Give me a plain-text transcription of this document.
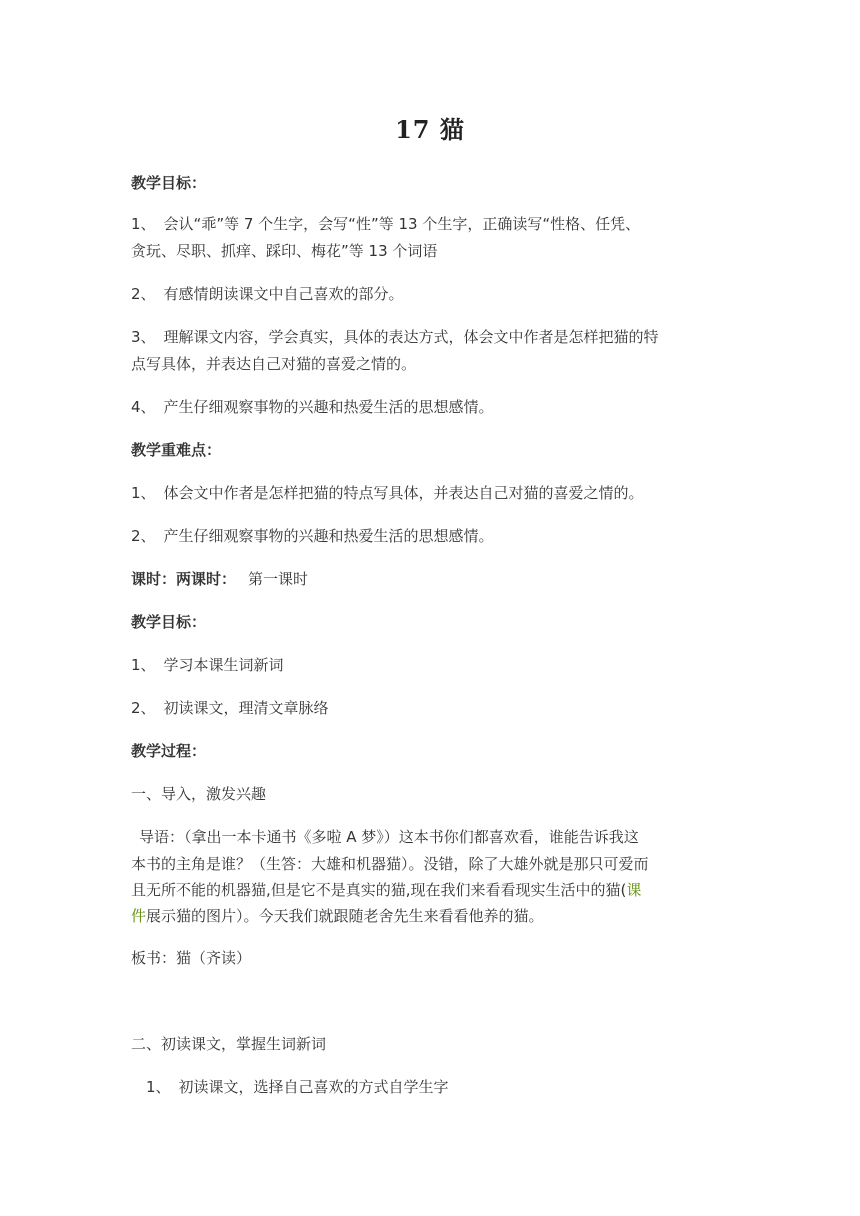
17 猫
教学目标：
1、 会认“乖”等 7 个生字，会写“性”等 13 个生字，正确读写“性格、任凭、
贪玩、尽职、抓痒、踩印、梅花”等 13 个词语
2、 有感情朗读课文中自己喜欢的部分。
3、 理解课文内容，学会真实，具体的表达方式，体会文中作者是怎样把猫的特
点写具体，并表达自己对猫的喜爱之情的。
4、 产生仔细观察事物的兴趣和热爱生活的思想感情。
教学重难点：
1、 体会文中作者是怎样把猫的特点写具体，并表达自己对猫的喜爱之情的。
2、 产生仔细观察事物的兴趣和热爱生活的思想感情。
课时：两课时： 第一课时
教学目标：
1、 学习本课生词新词
2、 初读课文，理清文章脉络
教学过程：
一、导入，激发兴趣
导语：（拿出一本卡通书《多啦 A 梦》）这本书你们都喜欢看，谁能告诉我这
本书的主角是谁？（生答：大雄和机器猫）。没错，除了大雄外就是那只可爱而
且无所不能的机器猫,但是它不是真实的猫,现在我们来看看现实生活中的猫(课
件展示猫的图片）。今天我们就跟随老舍先生来看看他养的猫。
板书：猫（齐读）
二、初读课文，掌握生词新词
1、 初读课文，选择自己喜欢的方式自学生字
